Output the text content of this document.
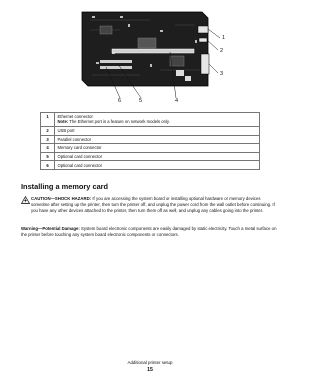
1
2
3
4
5
6
1	Ethernet connector
Note: The Ethernet port is a feature on network models only.

2	USB port
3	Parallel connector
4	Memory card connector
5	Optional card connector
6	Optional card connector
Installing a memory card

CAUTION—SHOCK HAZARD: If you are accessing the system board or installing optional hardware or memory devices sometime after setting up the printer, then turn the printer off, and unplug the power cord from the wall outlet before continuing. If you have any other devices attached to the printer, then turn them off as well, and unplug any cables going into the printer.

Warning—Potential Damage: System board electronic components are easily damaged by static electricity. Touch a metal surface on the printer before touching any system board electronic components or connectors.

Additional printer setup
15
